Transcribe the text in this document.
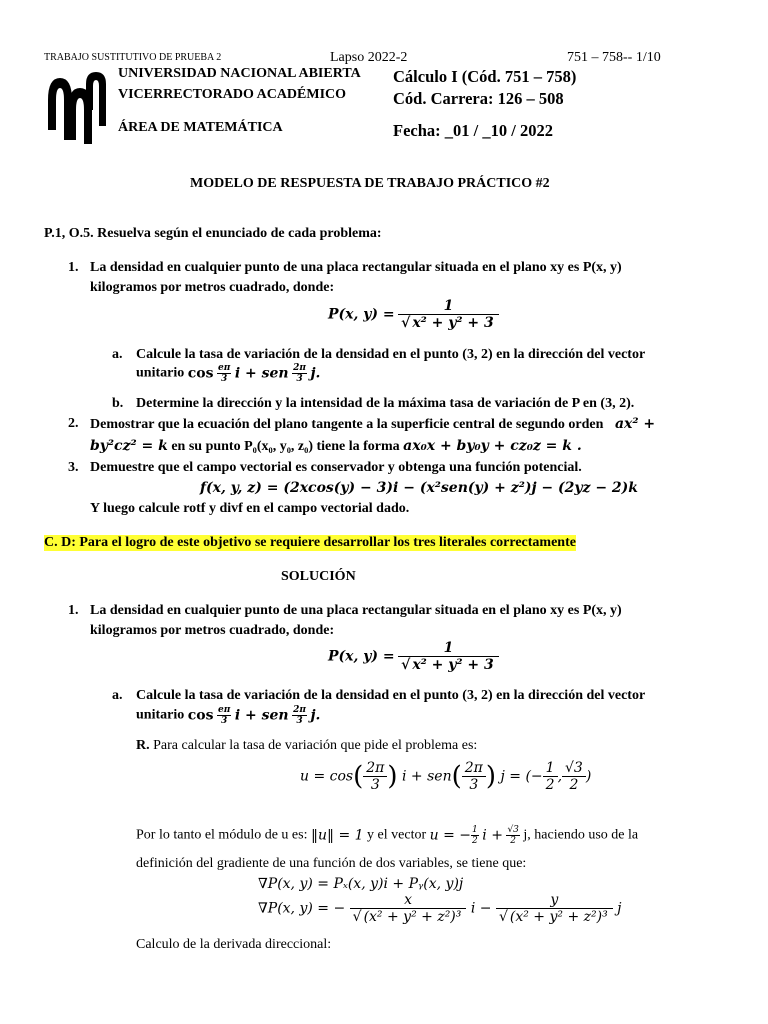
TRABAJO SUSTITUTIVO DE PRUEBA 2	Lapso 2022-2	751 – 758-- 1/10
UNIVERSIDAD NACIONAL ABIERTA
VICERRECTORADO ACADÉMICO
ÁREA DE MATEMÁTICA
Cálculo I (Cód. 751 – 758)
Cód. Carrera: 126 – 508
Fecha: _01 / _10 / 2022
MODELO DE RESPUESTA DE TRABAJO PRÁCTICO #2
P.1, O.5. Resuelva según el enunciado de cada problema:
1. La densidad en cualquier punto de una placa rectangular situada en el plano xy es P(x, y)
kilogramos por metros cuadrado, donde:
P(x, $y) = \frac{1}{\text{√ x² + y² + 3}}$
a. Calcule la tasa de variación de la densidad en el punto (3, 2) en la dirección del vector
unitario $\cos \frac{e\pi}{3}$ i + sen $\frac{2\pi}{3} j$.
b. Determine la dirección y la intensidad de la máxima tasa de variación de P en (3, 2).
2. Demostrar que la ecuación del plano tangente a la superficie central de segundo orden ax² +
by²cz² = k en su punto P₀(x₀, y₀, z₀) tiene la forma ax₀x + by₀y + cz₀z = k .
3. Demuestre que el campo vectorial es conservador y obtenga una función potencial.
f(x, y, z) = (2xcos(y) − 3)i − (x²sen(y) + z²)j − (2yz − 2)k
Y luego calcule rotf y divf en el campo vectorial dado.
C. D: Para el logro de este objetivo se requiere desarrollar los tres literales correctamente
SOLUCIÓN
1. La densidad en cualquier punto de una placa rectangular situada en el plano xy es P(x, y)
kilogramos por metros cuadrado, donde:
P(x, $y) = \frac{1}{\text{√ x² + y² + 3}}$
a. Calcule la tasa de variación de la densidad en el punto (3, 2) en la dirección del vector
unitario $\cos \frac{e\pi}{3}$ i + sen $\frac{2\pi}{3} j$.
R. Para calcular la tasa de variación que pide el problema es:
$u = \cos( \frac{2\pi}{3}$ ) $i + sen( \frac{2\pi}{3}$ ) j = (− $\frac{1}{2}$ , $\frac{√3}{2}$ )
Por lo tanto el módulo de u es: ‖u‖ = 1 y el vector u = − $\frac{1}{2}$ $i + \frac{√3}{2} j$, haciendo uso de la
definición del gradiente de una función de dos variables, se tiene que:
∇P(x, y) = Pₓ(x, y)i + Pᵧ(x, y)j
∇P(x, y) = − $\frac{x}{\text{√ (x² + y² + z²)³}}$ $i - \frac{y}{\text{√ (x² + y² + z²)³}}$ j
Calculo de la derivada direccional:
